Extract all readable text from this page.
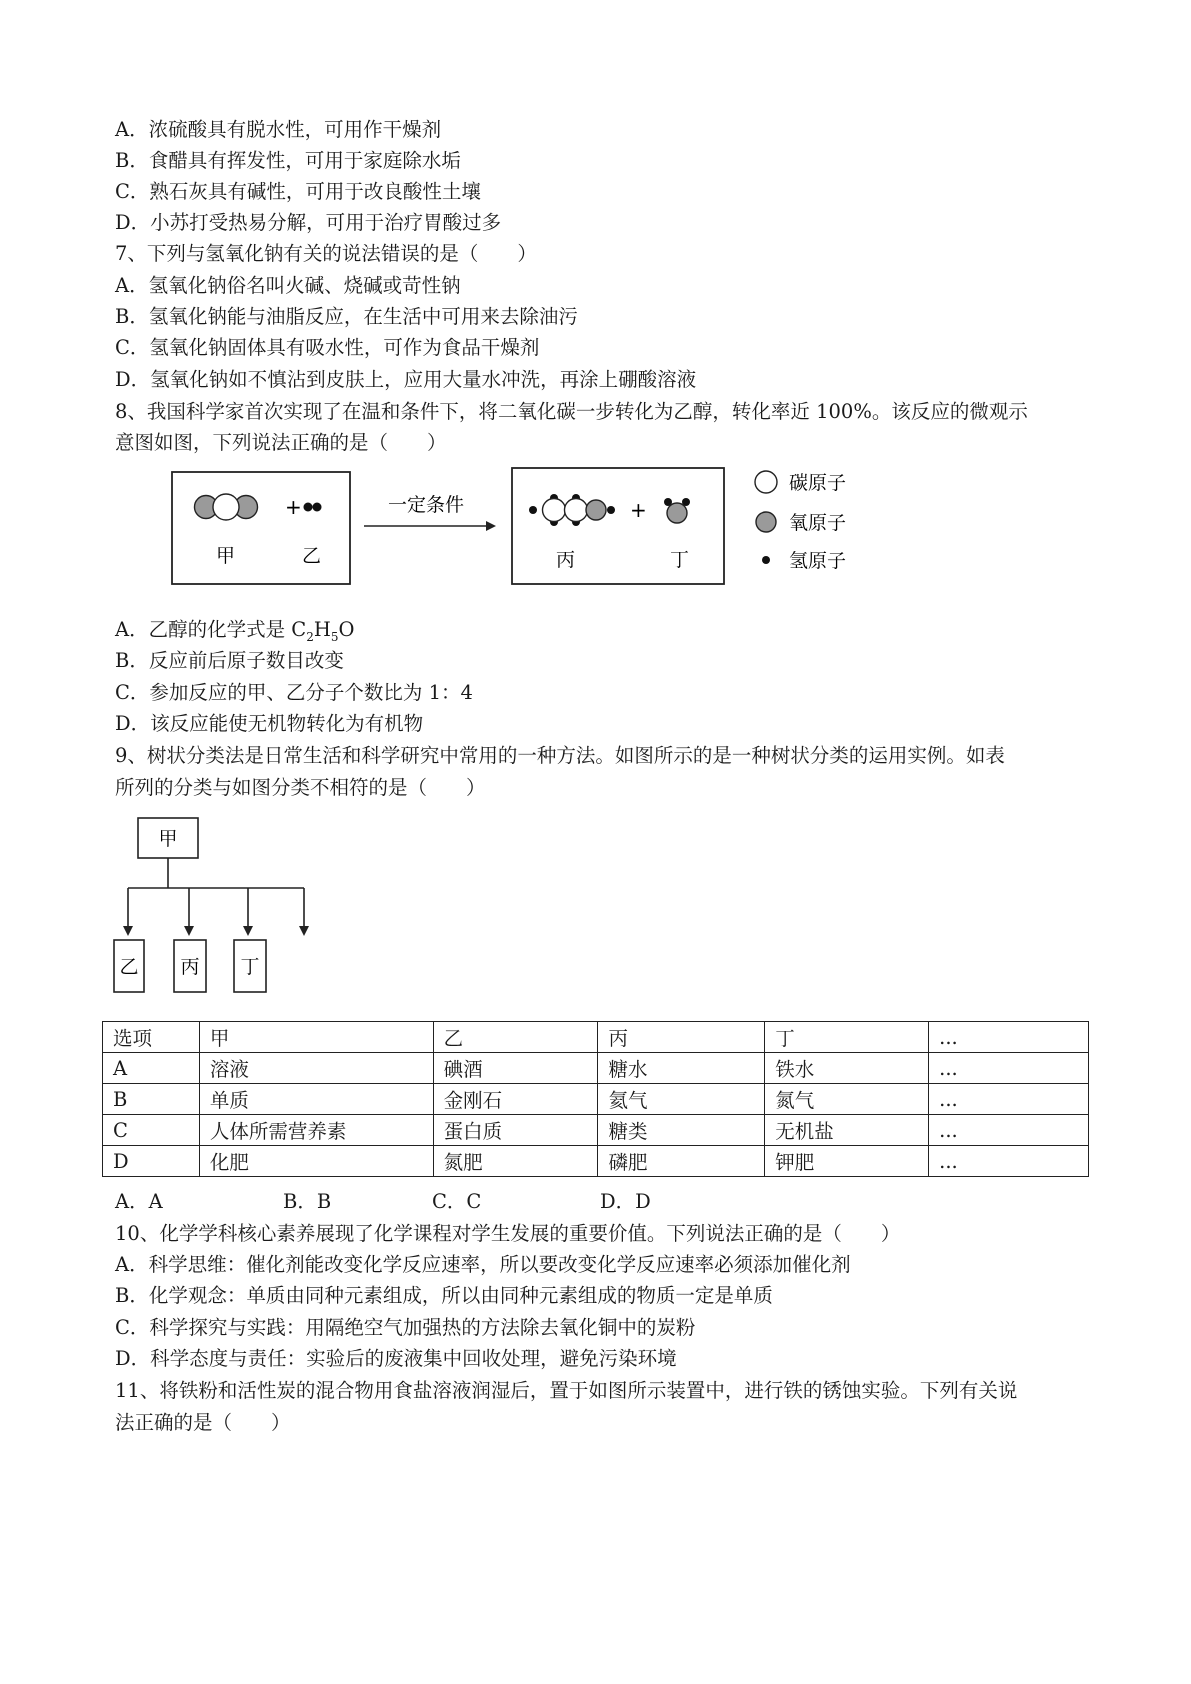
A．浓硫酸具有脱水性，可用作干燥剂
B．食醋具有挥发性，可用于家庭除水垢
C．熟石灰具有碱性，可用于改良酸性土壤
D．小苏打受热易分解，可用于治疗胃酸过多
7、下列与氢氧化钠有关的说法错误的是（　　）
A．氢氧化钠俗名叫火碱、烧碱或苛性钠
B．氢氧化钠能与油脂反应，在生活中可用来去除油污
C．氢氧化钠固体具有吸水性，可作为食品干燥剂
D．氢氧化钠如不慎沾到皮肤上，应用大量水冲洗，再涂上硼酸溶液
8、我国科学家首次实现了在温和条件下，将二氧化碳一步转化为乙醇，转化率近 100%。该反应的微观示
意图如图，下列说法正确的是（　　）
+
甲	乙
一定条件	+
丙	丁
碳原子
氧原子
氢原子
A．乙醇的化学式是 $C_2H_5O$
B．反应前后原子数目改变
C．参加反应的甲、乙分子个数比为 1：4
D．该反应能使无机物转化为有机物
9、树状分类法是日常生活和科学研究中常用的一种方法。如图所示的是一种树状分类的运用实例。如表
所列的分类与如图分类不相符的是（　　）
甲
乙 丙 丁
选项	甲	乙	丙	丁	...
A	溶液	碘酒	糖水	铁水	...
B	单质	金刚石	氦气	氮气	...
C	人体所需营养素	蛋白质	糖类	无机盐	...
D	化肥	氮肥	磷肥	钾肥	...
A．A	B．B	C．C	D．D
10、化学学科核心素养展现了化学课程对学生发展的重要价值。下列说法正确的是（　　）
A．科学思维：催化剂能改变化学反应速率，所以要改变化学反应速率必须添加催化剂
B．化学观念：单质由同种元素组成，所以由同种元素组成的物质一定是单质
C．科学探究与实践：用隔绝空气加强热的方法除去氧化铜中的炭粉
D．科学态度与责任：实验后的废液集中回收处理，避免污染环境
11、将铁粉和活性炭的混合物用食盐溶液润湿后，置于如图所示装置中，进行铁的锈蚀实验。下列有关说
法正确的是（　　）
